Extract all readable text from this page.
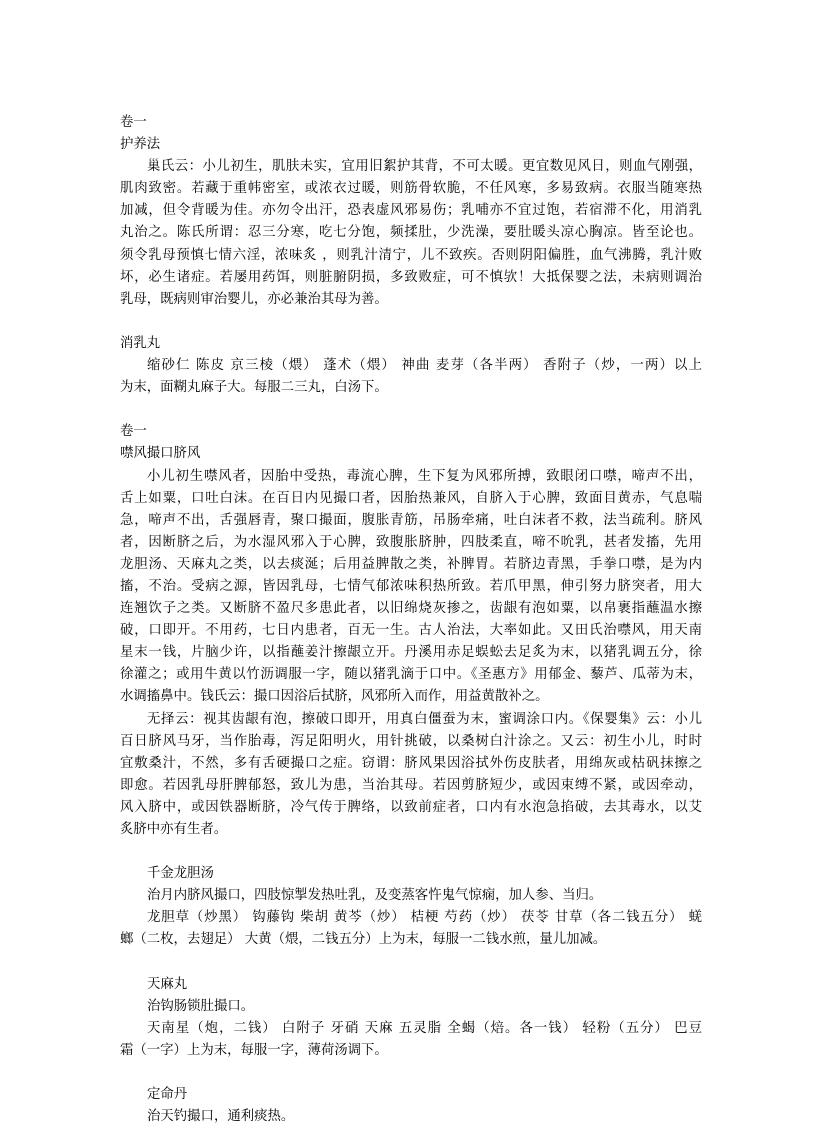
卷一
护养法
巢氏云：小儿初生，肌肤未实，宜用旧絮护其背，不可太暖。更宜数见风日，则血气刚强，
肌肉致密。若藏于重帏密室，或浓衣过暖，则筋骨软脆，不任风寒，多易致病。衣服当随寒热
加减，但令背暖为佳。亦勿令出汗，恐表虚风邪易伤；乳哺亦不宜过饱，若宿滞不化，用消乳
丸治之。陈氏所谓：忍三分寒，吃七分饱，频揉肚，少洗澡，要肚暖头凉心胸凉。皆至论也。
须令乳母预慎七情六淫，浓味炙 ，则乳汁清宁，儿不致疾。否则阴阳偏胜，血气沸腾，乳汁败
坏，必生诸症。若屡用药饵，则脏腑阴损，多致败症，可不慎欤！大抵保婴之法，未病则调治
乳母，既病则审治婴儿，亦必兼治其母为善。
消乳丸
缩砂仁 陈皮 京三棱（煨） 蓬术（煨） 神曲 麦芽（各半两） 香附子（炒，一两）以上
为末，面糊丸麻子大。每服二三丸，白汤下。
卷一
噤风撮口脐风
小儿初生噤风者，因胎中受热，毒流心脾，生下复为风邪所搏，致眼闭口噤，啼声不出，
舌上如粟，口吐白沫。在百日内见撮口者，因胎热兼风，自脐入于心脾，致面目黄赤，气息喘
急，啼声不出，舌强唇青，聚口撮面，腹胀青筋，吊肠牵痛，吐白沫者不救，法当疏利。脐风
者，因断脐之后，为水湿风邪入于心脾，致腹胀脐肿，四肢柔直，啼不吮乳，甚者发搐，先用
龙胆汤、天麻丸之类，以去痰涎；后用益脾散之类，补脾胃。若脐边青黑，手拳口噤，是为内
搐，不治。受病之源，皆因乳母，七情气郁浓味积热所致。若爪甲黑，伸引努力脐突者，用大
连翘饮子之类。又断脐不盈尺多患此者，以旧绵烧灰掺之，齿龈有泡如粟，以帛裹指蘸温水擦
破，口即开。不用药，七日内患者，百无一生。古人治法，大率如此。又田氏治噤风，用天南
星末一钱，片脑少许，以指蘸姜汁擦龈立开。丹溪用赤足蜈蚣去足炙为末，以猪乳调五分，徐
徐灌之；或用牛黄以竹沥调服一字，随以猪乳滴于口中。《圣惠方》用郁金、藜芦、瓜蒂为末，
水调搐鼻中。钱氏云：撮口因浴后拭脐，风邪所入而作，用益黄散补之。
无择云：视其齿龈有泡，擦破口即开，用真白僵蚕为末，蜜调涂口内。《保婴集》云：小儿
百日脐风马牙，当作胎毒，泻足阳明火，用针挑破，以桑树白汁涂之。又云：初生小儿，时时
宜敷桑汁，不然，多有舌硬撮口之症。窃谓：脐风果因浴拭外伤皮肤者，用绵灰或枯矾抹擦之
即愈。若因乳母肝脾郁怒，致儿为患，当治其母。若因剪脐短少，或因束缚不紧，或因牵动，
风入脐中，或因铁器断脐，冷气传于脾络，以致前症者，口内有水泡急掐破，去其毒水，以艾
炙脐中亦有生者。
千金龙胆汤
治月内脐风撮口，四肢惊掣发热吐乳，及变蒸客忤鬼气惊痫，加人参、当归。
龙胆草（炒黑） 钩藤钩 柴胡 黄芩（炒） 桔梗 芍药（炒） 茯苓 甘草（各二钱五分） 蜣
螂（二枚，去翅足） 大黄（煨，二钱五分）上为末，每服一二钱水煎，量儿加减。
天麻丸
治钩肠锁肚撮口。
天南星（炮，二钱） 白附子 牙硝 天麻 五灵脂 全蝎（焙。各一钱） 轻粉（五分） 巴豆
霜（一字）上为末，每服一字，薄荷汤调下。
定命丹
治天钓撮口，通利痰热。
